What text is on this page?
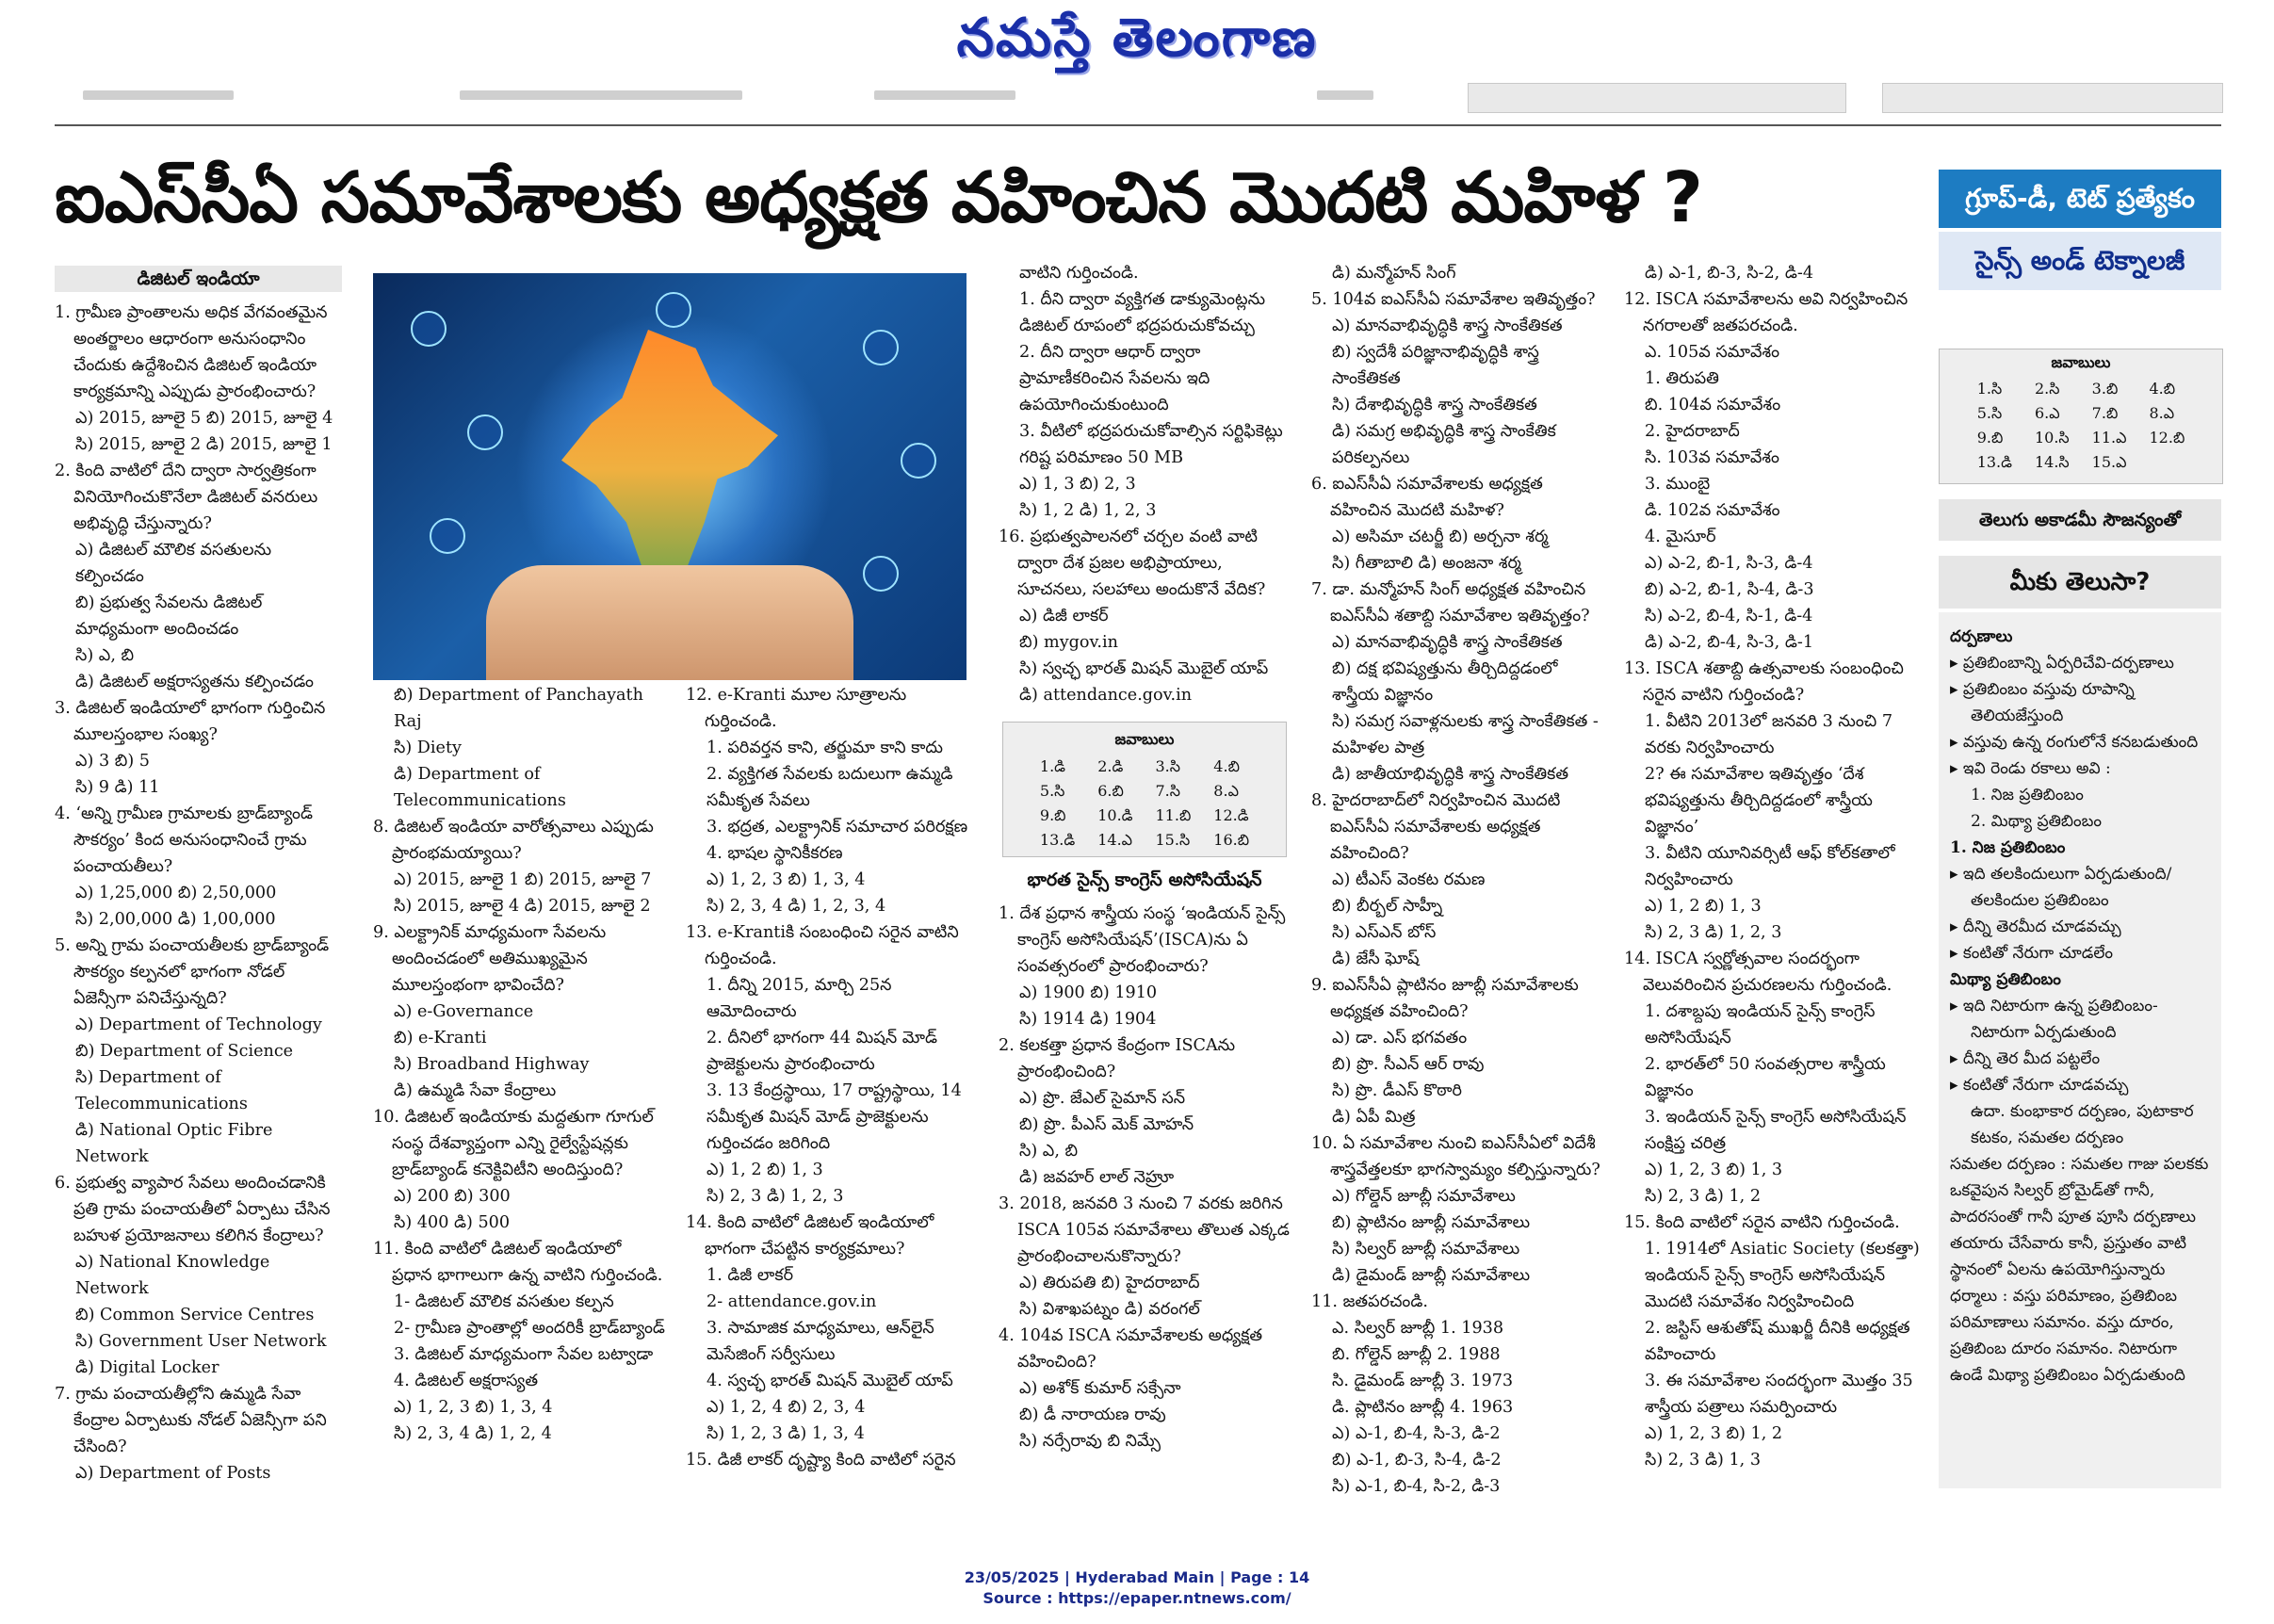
నమస్తే తెలంగాణ
ఐఎస్‌సీఏ సమావేశాలకు అధ్యక్షత వహించిన మొదటి మహిళ ?	గ్రూప్-డీ, టెట్ ప్రత్యేకం
సైన్స్ అండ్ టెక్నాలజీ

డిజిటల్ ఇండియా

1. గ్రామీణ ప్రాంతాలను అధిక వేగవంతమైన అంతర్జాలం ఆధారంగా అనుసంధానిం చేందుకు ఉద్దేశించిన డిజిటల్ ఇండియా కార్యక్రమాన్ని ఎప్పుడు ప్రారంభించారు?

ఎ) 2015, జూలై 5 బి) 2015, జూలై 4

సి) 2015, జూలై 2 డి) 2015, జూలై 1

2. కింది వాటిలో దేని ద్వారా సార్వత్రికంగా వినియోగించుకొనేలా డిజిటల్ వనరులు అభివృద్ధి చేస్తున్నారు?

ఎ) డిజిటల్ మౌలిక వసతులను కల్పించడం

బి) ప్రభుత్వ సేవలను డిజిటల్ మాధ్యమంగా అందించడం

సి) ఎ, బి

డి) డిజిటల్ అక్షరాస్యతను కల్పించడం

3. డిజిటల్ ఇండియాలో భాగంగా గుర్తించిన మూలస్తంభాల సంఖ్య?

ఎ) 3 బి) 5

సి) 9 డి) 11

4. ‘అన్ని గ్రామీణ గ్రామాలకు బ్రాడ్‌బ్యాండ్ సౌకర్యం’ కింద అనుసంధానించే గ్రామ పంచాయతీలు?

ఎ) 1,25,000 బి) 2,50,000

సి) 2,00,000 డి) 1,00,000

5. అన్ని గ్రామ పంచాయతీలకు బ్రాడ్‌బ్యాండ్ సౌకర్యం కల్పనలో భాగంగా నోడల్ ఏజెన్సీగా పనిచేస్తున్నది?

ఎ) Department of Technology

బి) Department of Science

సి) Department of Telecommunications

డి) National Optic Fibre Network

6. ప్రభుత్వ వ్యాపార సేవలు అందించడానికి ప్రతి గ్రామ పంచాయతీలో ఏర్పాటు చేసిన బహుళ ప్రయోజనాలు కలిగిన కేంద్రాలు?

ఎ) National Knowledge Network

బి) Common Service Centres

సి) Government User Network

డి) Digital Locker

7. గ్రామ పంచాయతీల్లోని ఉమ్మడి సేవా కేంద్రాల ఏర్పాటుకు నోడల్ ఏజెన్సీగా పని చేసింది?

ఎ) Department of Posts

బి) Department of Panchayath Raj

సి) Diety

డి) Department of Telecommunications

8. డిజిటల్ ఇండియా వారోత్సవాలు ఎప్పుడు ప్రారంభమయ్యాయి?

ఎ) 2015, జూలై 1 బి) 2015, జూలై 7

సి) 2015, జూలై 4 డి) 2015, జూలై 2

9. ఎలక్ట్రానిక్ మాధ్యమంగా సేవలను అందించడంలో అతిముఖ్యమైన మూలస్తంభంగా భావించేది?

ఎ) e-Governance

బి) e-Kranti

సి) Broadband Highway

డి) ఉమ్మడి సేవా కేంద్రాలు

10. డిజిటల్ ఇండియాకు మద్దతుగా గూగుల్ సంస్థ దేశవ్యాప్తంగా ఎన్ని రైల్వేస్టేషన్లకు బ్రాడ్‌బ్యాండ్ కనెక్టివిటీని అందిస్తుంది?

ఎ) 200 బి) 300

సి) 400 డి) 500

11. కింది వాటిలో డిజిటల్ ఇండియాలో ప్రధాన భాగాలుగా ఉన్న వాటిని గుర్తించండి.

1- డిజిటల్ మౌలిక వసతుల కల్పన

2- గ్రామీణ ప్రాంతాల్లో అందరికీ బ్రాడ్‌బ్యాండ్

3. డిజిటల్ మాధ్యమంగా సేవల బట్వాడా

4. డిజిటల్ అక్షరాస్యత

ఎ) 1, 2, 3 బి) 1, 3, 4

సి) 2, 3, 4 డి) 1, 2, 4

12. e-Kranti మూల సూత్రాలను గుర్తించండి.

1. పరివర్తన కాని, తర్జుమా కాని కాదు

2. వ్యక్తిగత సేవలకు బదులుగా ఉమ్మడి సమీకృత సేవలు

3. భద్రత, ఎలక్ట్రానిక్ సమాచార పరిరక్షణ

4. భాషల స్థానికీకరణ

ఎ) 1, 2, 3 బి) 1, 3, 4

సి) 2, 3, 4 డి) 1, 2, 3, 4

13. e-Krantiకి సంబంధించి సరైన వాటిని గుర్తించండి.

1. దీన్ని 2015, మార్చి 25న ఆమోదించారు

2. దీనిలో భాగంగా 44 మిషన్ మోడ్ ప్రాజెక్టులను ప్రారంభించారు

3. 13 కేంద్రస్థాయి, 17 రాష్ట్రస్థాయి, 14 సమీకృత మిషన్ మోడ్ ప్రాజెక్టులను గుర్తించడం జరిగింది

ఎ) 1, 2 బి) 1, 3

సి) 2, 3 డి) 1, 2, 3

14. కింది వాటిలో డిజిటల్ ఇండియాలో భాగంగా చేపట్టిన కార్యక్రమాలు?

1. డిజీ లాకర్

2- attendance.gov.in

3. సామాజిక మాధ్యమాలు, ఆన్‌లైన్ మెసేజింగ్ సర్వీసులు

4. స్వచ్ఛ భారత్ మిషన్ మొబైల్ యాప్

ఎ) 1, 2, 4 బి) 2, 3, 4

సి) 1, 2, 3 డి) 1, 3, 4

15. డిజీ లాకర్ దృష్ట్యా కింది వాటిలో సరైన

వాటిని గుర్తించండి.

1. దీని ద్వారా వ్యక్తిగత డాక్యుమెంట్లను డిజిటల్ రూపంలో భద్రపరుచుకోవచ్చు

2. దీని ద్వారా ఆధార్ ద్వారా ప్రామాణీకరించిన సేవలను ఇది ఉపయోగించుకుంటుంది

3. వీటిలో భద్రపరుచుకోవాల్సిన సర్టిఫికెట్లు గరిష్ట పరిమాణం 50 MB

ఎ) 1, 3 బి) 2, 3

సి) 1, 2 డి) 1, 2, 3

16. ప్రభుత్వపాలనలో చర్చల వంటి వాటి ద్వారా దేశ ప్రజల అభిప్రాయాలు, సూచనలు, సలహాలు అందుకొనే వేదిక?

ఎ) డిజీ లాకర్

బి) mygov.in

సి) స్వచ్ఛ భారత్ మిషన్ మొబైల్ యాప్

డి) attendance.gov.in

జవాబులు
1.డి	2.డి	3.సి	4.బి
5.సి	6.బి	7.సి	8.ఎ
9.బి	10.డి	11.బి	12.డి
13.డి	14.ఎ	15.సి	16.బి

భారత సైన్స్ కాంగ్రెస్ అసోసియేషన్

1. దేశ ప్రధాన శాస్త్రీయ సంస్థ ‘ఇండియన్ సైన్స్ కాంగ్రెస్ అసోసియేషన్’(ISCA)ను ఏ సంవత్సరంలో ప్రారంభించారు?

ఎ) 1900 బి) 1910

సి) 1914 డి) 1904

2. కలకత్తా ప్రధాన కేంద్రంగా ISCAను ప్రారంభించింది?

ఎ) ప్రొ. జేఎల్ సైమాన్ సన్

బి) ప్రొ. పీఎస్ మెక్ మోహన్

సి) ఎ, బి

డి) జవహర్ లాల్ నెహ్రూ

3. 2018, జనవరి 3 నుంచి 7 వరకు జరిగిన ISCA 105వ సమావేశాలు తొలుత ఎక్కడ ప్రారంభించాలనుకొన్నారు?

ఎ) తిరుపతి బి) హైదరాబాద్

సి) విశాఖపట్నం డి) వరంగల్

4. 104వ ISCA సమావేశాలకు అధ్యక్షత వహించింది?

ఎ) అశోక్ కుమార్ సక్సేనా

బి) డీ నారాయణ రావు

సి) నర్సేరావు బి నిమ్సే

డి) మన్మోహన్ సింగ్

5. 104వ ఐఎస్‌సీఏ సమావేశాల ఇతివృత్తం?

ఎ) మానవాభివృద్ధికి శాస్త్ర సాంకేతికత

బి) స్వదేశీ పరిజ్ఞానాభివృద్ధికి శాస్త్ర సాంకేతికత

సి) దేశాభివృద్ధికి శాస్త్ర సాంకేతికత

డి) సమగ్ర అభివృద్ధికి శాస్త్ర సాంకేతిక పరికల్పనలు

6. ఐఎస్‌సీఏ సమావేశాలకు అధ్యక్షత వహించిన మొదటి మహిళ?

ఎ) అసిమా చటర్జీ బి) అర్చనా శర్మ

సి) గీతాబాలి డి) అంజనా శర్మ

7. డా. మన్మోహన్ సింగ్ అధ్యక్షత వహించిన ఐఎస్‌సీఏ శతాబ్ది సమావేశాల ఇతివృత్తం?

ఎ) మానవాభివృద్ధికి శాస్త్ర సాంకేతికత

బి) దక్ష భవిష్యత్తును తీర్చిదిద్దడంలో శాస్త్రీయ విజ్ఞానం

సి) సమగ్ర సవాళ్లనులకు శాస్త్ర సాంకేతికత - మహిళల పాత్ర

డి) జాతీయాభివృద్ధికి శాస్త్ర సాంకేతికత

8. హైదరాబాద్‌లో నిర్వహించిన మొదటి ఐఎస్‌సీఏ సమావేశాలకు అధ్యక్షత వహించింది?

ఎ) టీఎస్ వెంకట రమణ

బి) బీర్బల్ సాహ్నీ

సి) ఎస్ఎన్ బోస్

డి) జేసీ ఘోష్

9. ఐఎస్‌సీఏ ప్లాటినం జూబ్లీ సమావేశాలకు అధ్యక్షత వహించింది?

ఎ) డా. ఎస్ భగవతం

బి) ప్రొ. సీఎన్ ఆర్ రావు

సి) ప్రొ. డీఎస్ కొఠారి

డి) ఏపీ మిత్ర

10. ఏ సమావేశాల నుంచి ఐఎస్‌సీఏలో విదేశీ శాస్త్రవేత్తలకూ భాగస్వామ్యం కల్పిస్తున్నారు?

ఎ) గోల్డెన్ జూబ్లీ సమావేశాలు

బి) ప్లాటినం జూబ్లీ సమావేశాలు

సి) సిల్వర్ జూబ్లీ సమావేశాలు

డి) డైమండ్ జూబ్లీ సమావేశాలు

11. జతపరచండి.

ఎ. సిల్వర్ జూబ్లీ 1. 1938

బి. గోల్డెన్ జూబ్లీ 2. 1988

సి. డైమండ్ జూబ్లీ 3. 1973

డి. ప్లాటినం జూబ్లీ 4. 1963

ఎ) ఎ-1, బి-4, సి-3, డి-2

బి) ఎ-1, బి-3, సి-4, డి-2

సి) ఎ-1, బి-4, సి-2, డి-3

డి) ఎ-1, బి-3, సి-2, డి-4

12. ISCA సమావేశాలను అవి నిర్వహించిన నగరాలతో జతపరచండి.

ఎ. 105వ సమావేశం

1. తిరుపతి

బి. 104వ సమావేశం

2. హైదరాబాద్

సి. 103వ సమావేశం

3. ముంబై

డి. 102వ సమావేశం

4. మైసూర్

ఎ) ఎ-2, బి-1, సి-3, డి-4

బి) ఎ-2, బి-1, సి-4, డి-3

సి) ఎ-2, బి-4, సి-1, డి-4

డి) ఎ-2, బి-4, సి-3, డి-1

13. ISCA శతాబ్ది ఉత్సవాలకు సంబంధించి సరైన వాటిని గుర్తించండి?

1. వీటిని 2013లో జనవరి 3 నుంచి 7 వరకు నిర్వహించారు

2? ఈ సమావేశాల ఇతివృత్తం ‘దేశ భవిష్యత్తును తీర్చిదిద్దడంలో శాస్త్రీయ విజ్ఞానం’

3. వీటిని యూనివర్సిటీ ఆఫ్ కోల్‌కతాలో నిర్వహించారు

ఎ) 1, 2 బి) 1, 3

సి) 2, 3 డి) 1, 2, 3

14. ISCA స్వర్ణోత్సవాల సందర్భంగా వెలువరించిన ప్రచురణలను గుర్తించండి.

1. దశాబ్దపు ఇండియన్ సైన్స్ కాంగ్రెస్ అసోసియేషన్

2. భారత్‌లో 50 సంవత్సరాల శాస్త్రీయ విజ్ఞానం

3. ఇండియన్ సైన్స్ కాంగ్రెస్ అసోసియేషన్ సంక్షిప్త చరిత్ర

ఎ) 1, 2, 3 బి) 1, 3

సి) 2, 3 డి) 1, 2

15. కింది వాటిలో సరైన వాటిని గుర్తించండి.

1. 1914లో Asiatic Society (కలకత్తా) ఇండియన్ సైన్స్ కాంగ్రెస్ అసోసియేషన్ మొదటి సమావేశం నిర్వహించింది

2. జస్టిస్ ఆశుతోష్ ముఖర్జీ దీనికి అధ్యక్షత వహించారు

3. ఈ సమావేశాల సందర్భంగా మొత్తం 35 శాస్త్రీయ పత్రాలు సమర్పించారు

ఎ) 1, 2, 3 బి) 1, 2

సి) 2, 3 డి) 1, 3

జవాబులు
1.సి	2.సి	3.బి	4.బి
5.సి	6.ఎ	7.బి	8.ఎ
9.బి	10.సి	11.ఎ	12.బి
13.డి	14.సి	15.ఎ	
తెలుగు అకాడమీ సౌజన్యంతో
మీకు తెలుసా?

దర్పణాలు

▸ ప్రతిబింబాన్ని ఏర్పరిచేవి-దర్పణాలు

▸ ప్రతిబింబం వస్తువు రూపాన్ని తెలియజేస్తుంది

▸ వస్తువు ఉన్న రంగులోనే కనబడుతుంది

▸ ఇవి రెండు రకాలు అవి :

1. నిజ ప్రతిబింబం

2. మిథ్యా ప్రతిబింబం

1. నిజ ప్రతిబింబం

▸ ఇది తలకిందులుగా ఏర్పడుతుంది/తలకిందుల ప్రతిబింబం

▸ దీన్ని తెరమీద చూడవచ్చు

▸ కంటితో నేరుగా చూడలేం

మిథ్యా ప్రతిబింబం

▸ ఇది నిటారుగా ఉన్న ప్రతిబింబం-నిటారుగా ఏర్పడుతుంది

▸ దీన్ని తెర మీద పట్టలేం

▸ కంటితో నేరుగా చూడవచ్చు

ఉదా. కుంభాకార దర్పణం, పుటాకార కటకం, సమతల దర్పణం

సమతల దర్పణం : సమతల గాజు పలకకు ఒకవైపున సిల్వర్ బ్రోమైడ్‌తో గానీ, పాదరసంతో గానీ పూత పూసి దర్పణాలు తయారు చేసేవారు కానీ, ప్రస్తుతం వాటి స్థానంలో ఏలను ఉపయోగిస్తున్నారు

ధర్మాలు : వస్తు పరిమాణం, ప్రతిబింబ పరిమాణాలు సమానం. వస్తు దూరం, ప్రతిబింబ దూరం సమానం. నిటారుగా ఉండే మిథ్యా ప్రతిబింబం ఏర్పడుతుంది

23/05/2025 | Hyderabad Main | Page : 14
Source : https://epaper.ntnews.com/
